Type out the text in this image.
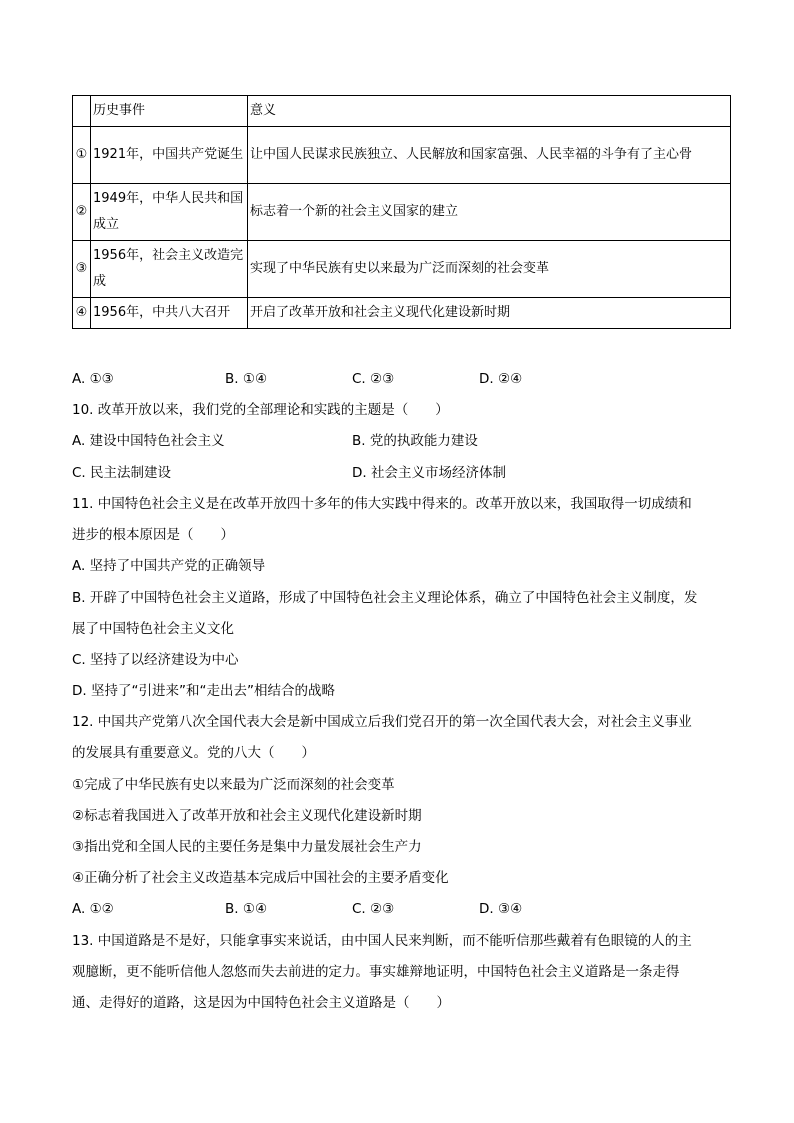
	历史事件	意义
①	1921年，中国共产党诞生	让中国人民谋求民族独立、人民解放和国家富强、人民幸福的斗争有了主心骨
②	1949年，中华人民共和国成立	标志着一个新的社会主义国家的建立
③	1956年，社会主义改造完成	实现了中华民族有史以来最为广泛而深刻的社会变革
④	1956年，中共八大召开	开启了改革开放和社会主义现代化建设新时期
A. ①③	B. ①④	C. ②③	D. ②④
10. 改革开放以来，我们党的全部理论和实践的主题是（　　）
A. 建设中国特色社会主义	B. 党的执政能力建设
C. 民主法制建设	D. 社会主义市场经济体制
11. 中国特色社会主义是在改革开放四十多年的伟大实践中得来的。改革开放以来，我国取得一切成绩和
进步的根本原因是（　　）
A. 坚持了中国共产党的正确领导
B. 开辟了中国特色社会主义道路，形成了中国特色社会主义理论体系，确立了中国特色社会主义制度，发
展了中国特色社会主义文化
C. 坚持了以经济建设为中心
D. 坚持了“引进来”和“走出去”相结合的战略
12. 中国共产党第八次全国代表大会是新中国成立后我们党召开的第一次全国代表大会，对社会主义事业
的发展具有重要意义。党的八大（　　）
①完成了中华民族有史以来最为广泛而深刻的社会变革
②标志着我国进入了改革开放和社会主义现代化建设新时期
③指出党和全国人民的主要任务是集中力量发展社会生产力
④正确分析了社会主义改造基本完成后中国社会的主要矛盾变化
A. ①②	B. ①④	C. ②③	D. ③④
13. 中国道路是不是好，只能拿事实来说话，由中国人民来判断，而不能听信那些戴着有色眼镜的人的主
观臆断，更不能听信他人忽悠而失去前进的定力。事实雄辩地证明，中国特色社会主义道路是一条走得
通、走得好的道路，这是因为中国特色社会主义道路是（　　）
